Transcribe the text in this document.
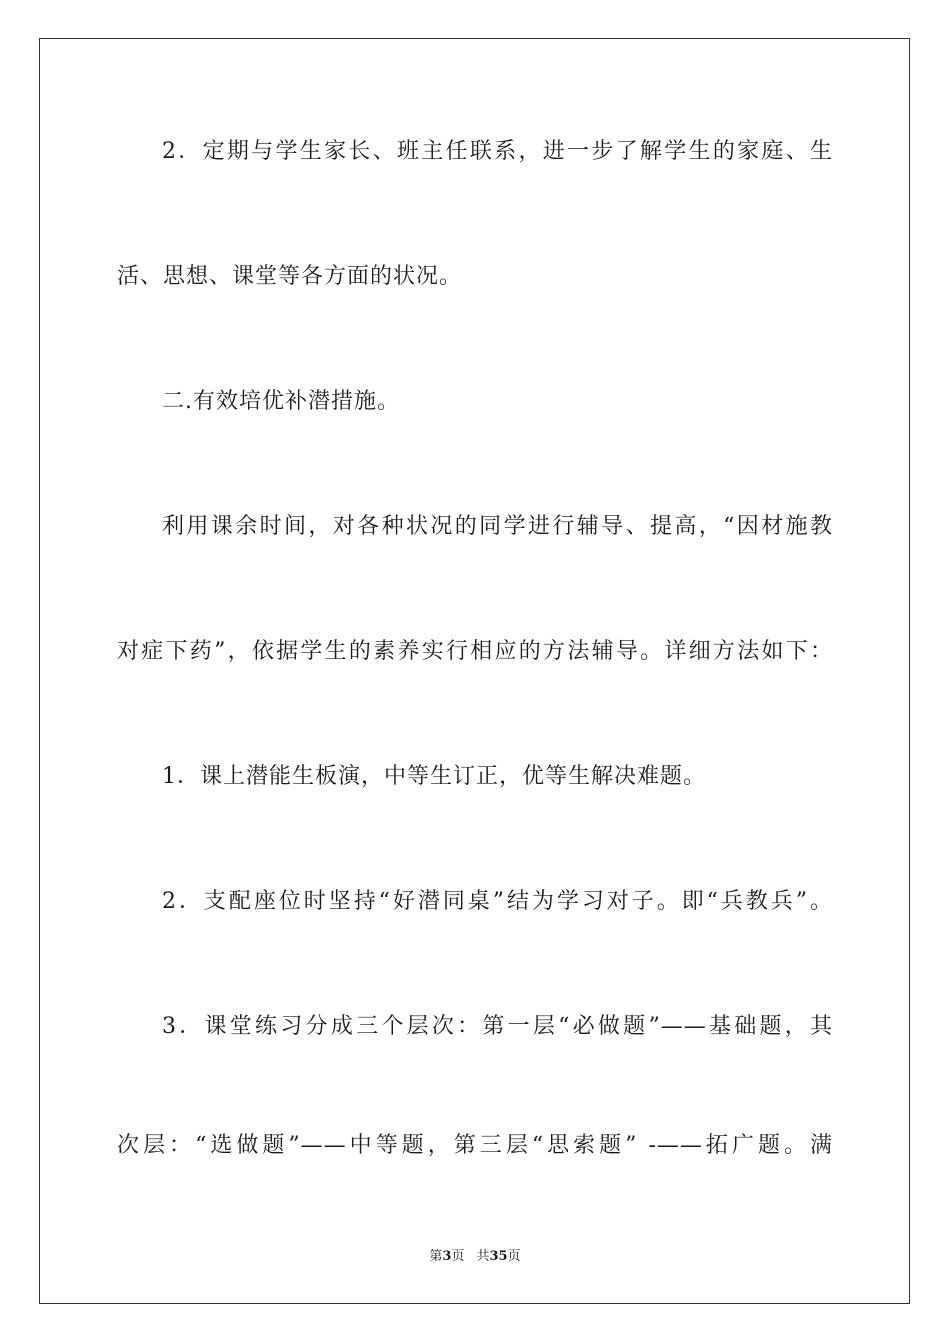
2．定期与学生家长、班主任联系，进一步了解学生的家庭、生
活、思想、课堂等各方面的状况。
二.有效培优补潜措施。
利用课余时间，对各种状况的同学进行辅导、提高，“因材施教
对症下药”，依据学生的素养实行相应的方法辅导。详细方法如下：
1．课上潜能生板演，中等生订正，优等生解决难题。
2．支配座位时坚持“好潜同桌”结为学习对子。即“兵教兵”。
3．课堂练习分成三个层次：第一层“必做题”——基础题，其
次层：“选做题”——中等题，第三层“思索题” -——拓广题。满
第3页 共35页
